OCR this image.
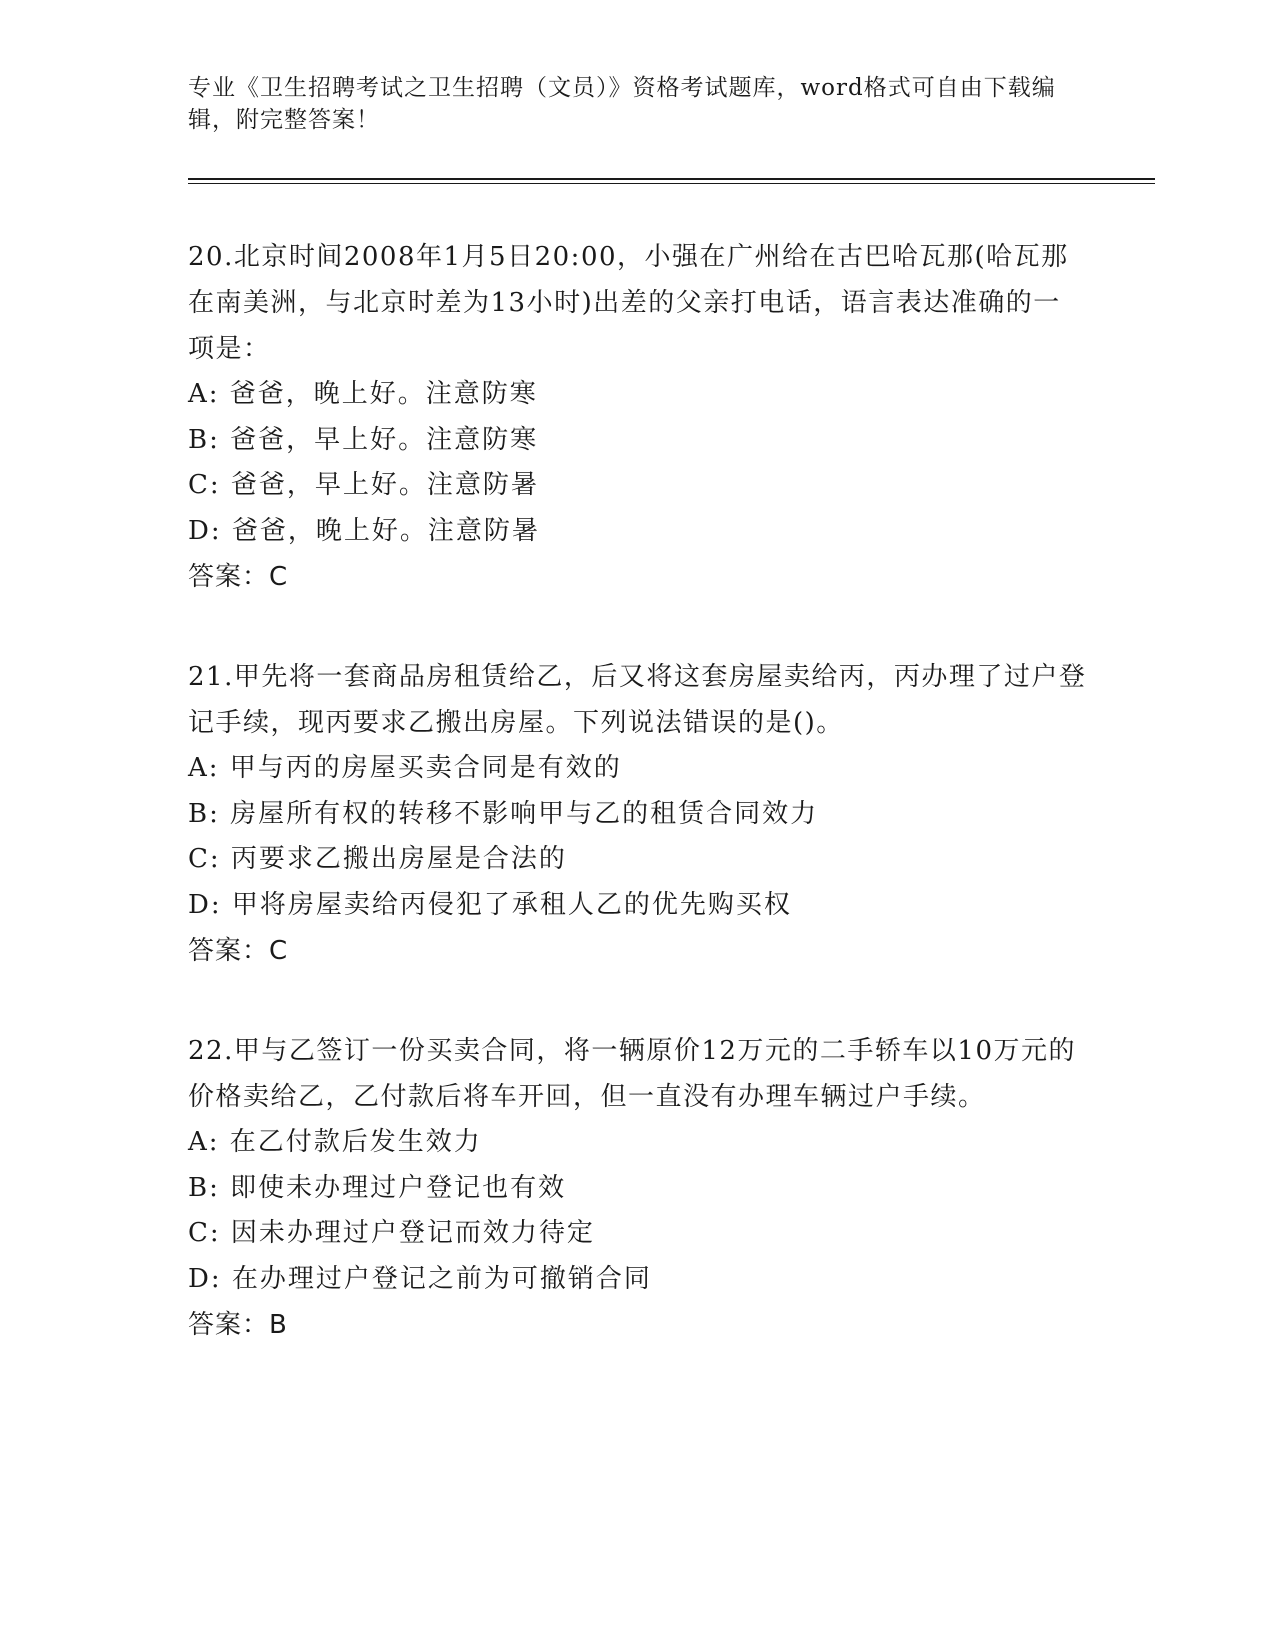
专业《卫生招聘考试之卫生招聘（文员）》资格考试题库，word格式可自由下载编辑，附完整答案！

20.北京时间2008年1月5日20:00，小强在广州给在古巴哈瓦那(哈瓦那在南美洲，与北京时差为13小时)出差的父亲打电话，语言表达准确的一项是：

A: 爸爸，晚上好。注意防寒

B: 爸爸，早上好。注意防寒

C: 爸爸，早上好。注意防暑

D: 爸爸，晚上好。注意防暑

答案：C

21.甲先将一套商品房租赁给乙，后又将这套房屋卖给丙，丙办理了过户登记手续，现丙要求乙搬出房屋。下列说法错误的是()。

A: 甲与丙的房屋买卖合同是有效的

B: 房屋所有权的转移不影响甲与乙的租赁合同效力

C: 丙要求乙搬出房屋是合法的

D: 甲将房屋卖给丙侵犯了承租人乙的优先购买权

答案：C

22.甲与乙签订一份买卖合同，将一辆原价12万元的二手轿车以10万元的价格卖给乙，乙付款后将车开回，但一直没有办理车辆过户手续。

A: 在乙付款后发生效力

B: 即使未办理过户登记也有效

C: 因未办理过户登记而效力待定

D: 在办理过户登记之前为可撤销合同

答案：B
